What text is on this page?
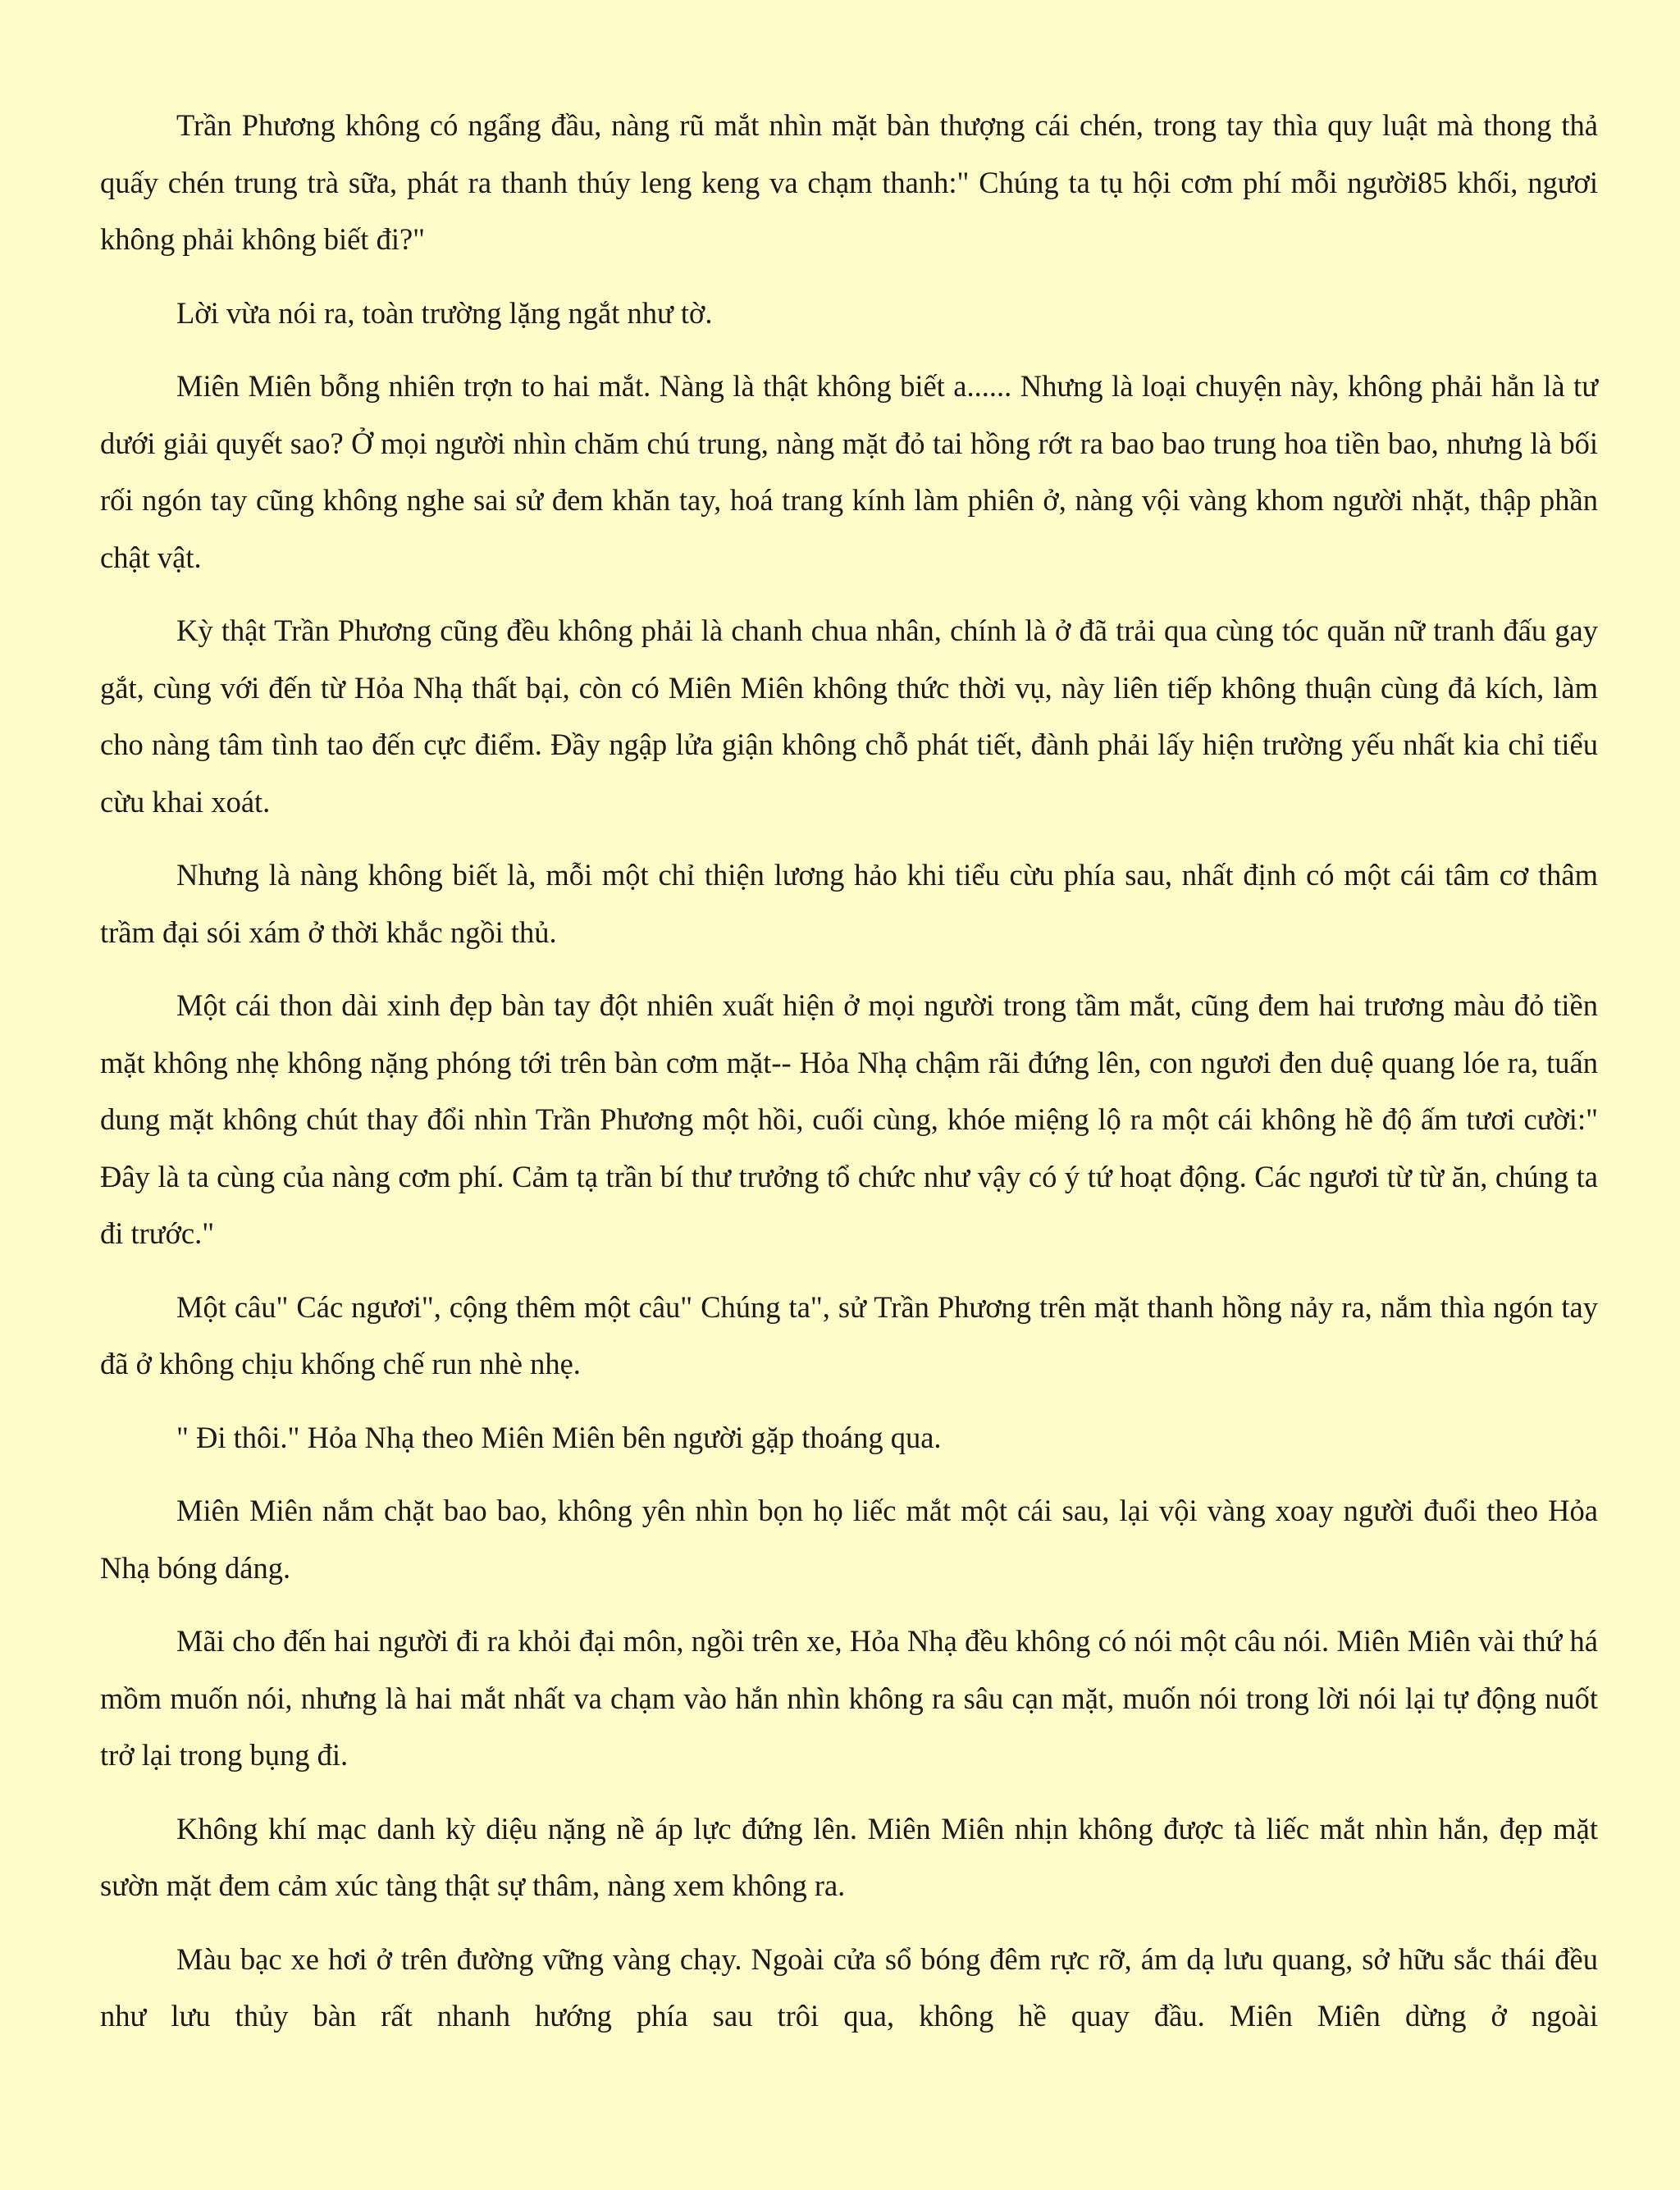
Trần Phương không có ngẩng đầu, nàng rũ mắt nhìn mặt bàn thượng cái chén, trong tay thìa quy luật mà thong thả quấy chén trung trà sữa, phát ra thanh thúy leng keng va chạm thanh:" Chúng ta tụ hội cơm phí mỗi người85 khối, ngươi không phải không biết đi?"

Lời vừa nói ra, toàn trường lặng ngắt như tờ.

Miên Miên bỗng nhiên trợn to hai mắt. Nàng là thật không biết a...... Nhưng là loại chuyện này, không phải hẳn là tư dưới giải quyết sao? Ở mọi người nhìn chăm chú trung, nàng mặt đỏ tai hồng rớt ra bao bao trung hoa tiền bao, nhưng là bối rối ngón tay cũng không nghe sai sử đem khăn tay, hoá trang kính làm phiên ở, nàng vội vàng khom người nhặt, thập phần chật vật.

Kỳ thật Trần Phương cũng đều không phải là chanh chua nhân, chính là ở đã trải qua cùng tóc quăn nữ tranh đấu gay gắt, cùng với đến từ Hỏa Nhạ thất bại, còn có Miên Miên không thức thời vụ, này liên tiếp không thuận cùng đả kích, làm cho nàng tâm tình tao đến cực điểm. Đầy ngập lửa giận không chỗ phát tiết, đành phải lấy hiện trường yếu nhất kia chỉ tiểu cừu khai xoát.

Nhưng là nàng không biết là, mỗi một chỉ thiện lương hảo khi tiểu cừu phía sau, nhất định có một cái tâm cơ thâm trầm đại sói xám ở thời khắc ngồi thủ.

Một cái thon dài xinh đẹp bàn tay đột nhiên xuất hiện ở mọi người trong tầm mắt, cũng đem hai trương màu đỏ tiền mặt không nhẹ không nặng phóng tới trên bàn cơm mặt-- Hỏa Nhạ chậm rãi đứng lên, con ngươi đen duệ quang lóe ra, tuấn dung mặt không chút thay đổi nhìn Trần Phương một hồi, cuối cùng, khóe miệng lộ ra một cái không hề độ ấm tươi cười:" Đây là ta cùng của nàng cơm phí. Cảm tạ trần bí thư trưởng tổ chức như vậy có ý tứ hoạt động. Các ngươi từ từ ăn, chúng ta đi trước."

Một câu" Các ngươi", cộng thêm một câu" Chúng ta", sử Trần Phương trên mặt thanh hồng nảy ra, nắm thìa ngón tay đã ở không chịu khống chế run nhè nhẹ.

" Đi thôi." Hỏa Nhạ theo Miên Miên bên người gặp thoáng qua.

Miên Miên nắm chặt bao bao, không yên nhìn bọn họ liếc mắt một cái sau, lại vội vàng xoay người đuổi theo Hỏa Nhạ bóng dáng.

Mãi cho đến hai người đi ra khỏi đại môn, ngồi trên xe, Hỏa Nhạ đều không có nói một câu nói. Miên Miên vài thứ há mồm muốn nói, nhưng là hai mắt nhất va chạm vào hắn nhìn không ra sâu cạn mặt, muốn nói trong lời nói lại tự động nuốt trở lại trong bụng đi.

Không khí mạc danh kỳ diệu nặng nề áp lực đứng lên. Miên Miên nhịn không được tà liếc mắt nhìn hắn, đẹp mặt sườn mặt đem cảm xúc tàng thật sự thâm, nàng xem không ra.

Màu bạc xe hơi ở trên đường vững vàng chạy. Ngoài cửa sổ bóng đêm rực rỡ, ám dạ lưu quang, sở hữu sắc thái đều như lưu thủy bàn rất nhanh hướng phía sau trôi qua, không hề quay đầu. Miên Miên dừng ở ngoài
